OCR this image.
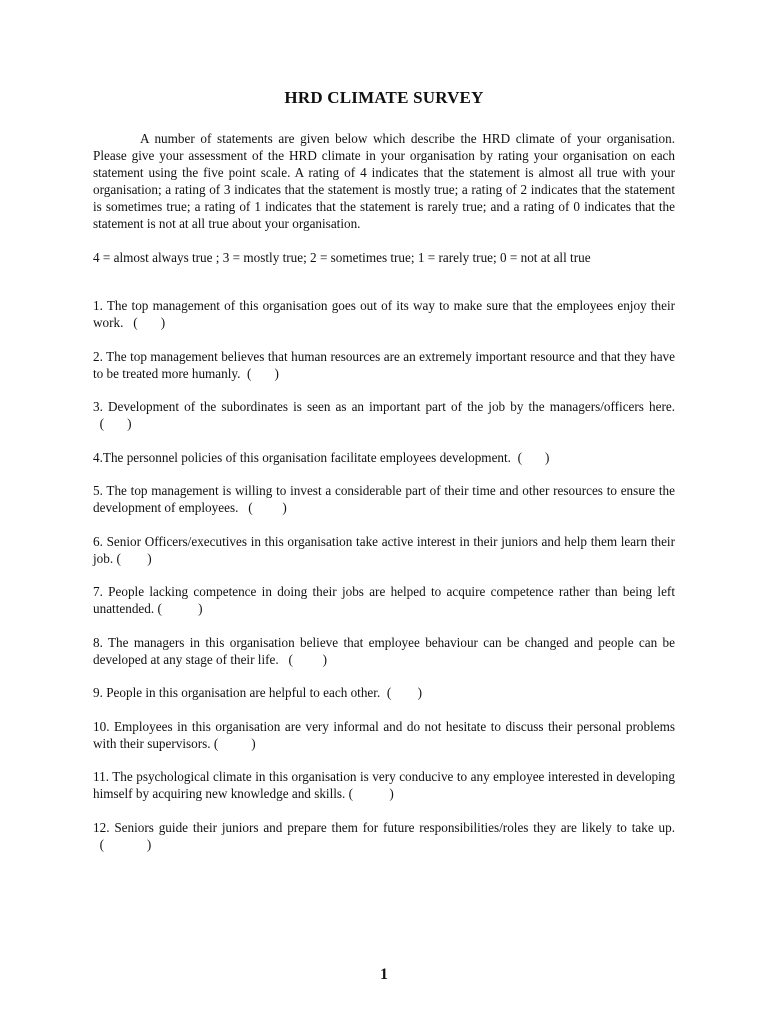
HRD CLIMATE SURVEY

A number of statements are given below which describe the HRD climate of your organisation. Please give your assessment of the HRD climate in your organisation by rating your organisation on each statement using the five point scale. A rating of 4 indicates that the statement is almost all true with your organisation; a rating of 3 indicates that the statement is mostly true; a rating of 2 indicates that the statement is sometimes true; a rating of 1 indicates that the statement is rarely true; and a rating of 0 indicates that the statement is not at all true about your organisation.

4 = almost always true ; 3 = mostly true; 2 = sometimes true; 1 = rarely true; 0 = not at all true

1. The top management of this organisation goes out of its way to make sure that the employees enjoy their work.   (       )

2. The top management believes that human resources are an extremely important resource and that they have to be treated more humanly.  (       )

3. Development of the subordinates is seen as an important part of the job by the managers/officers here.  (       )

4.The personnel policies of this organisation facilitate employees development.  (       )

5. The top management is willing to invest a considerable part of their time and other resources to ensure the development of employees.   (         )

6. Senior Officers/executives in this organisation take active interest in their juniors and help them learn their job. (        )

7. People lacking competence in doing their jobs are helped to acquire competence rather than being left unattended. (           )

8. The managers in this organisation believe that employee behaviour can be changed and people can be developed at any stage of their life.   (         )

9. People in this organisation are helpful to each other.  (        )

10. Employees in this organisation are very informal and do not hesitate to discuss their personal problems with their supervisors. (          )

11. The psychological climate in this organisation is very conducive to any employee interested in developing himself by acquiring new knowledge and skills. (           )

12. Seniors guide their juniors and prepare them for future responsibilities/roles they are likely to take up.  (             )

1
